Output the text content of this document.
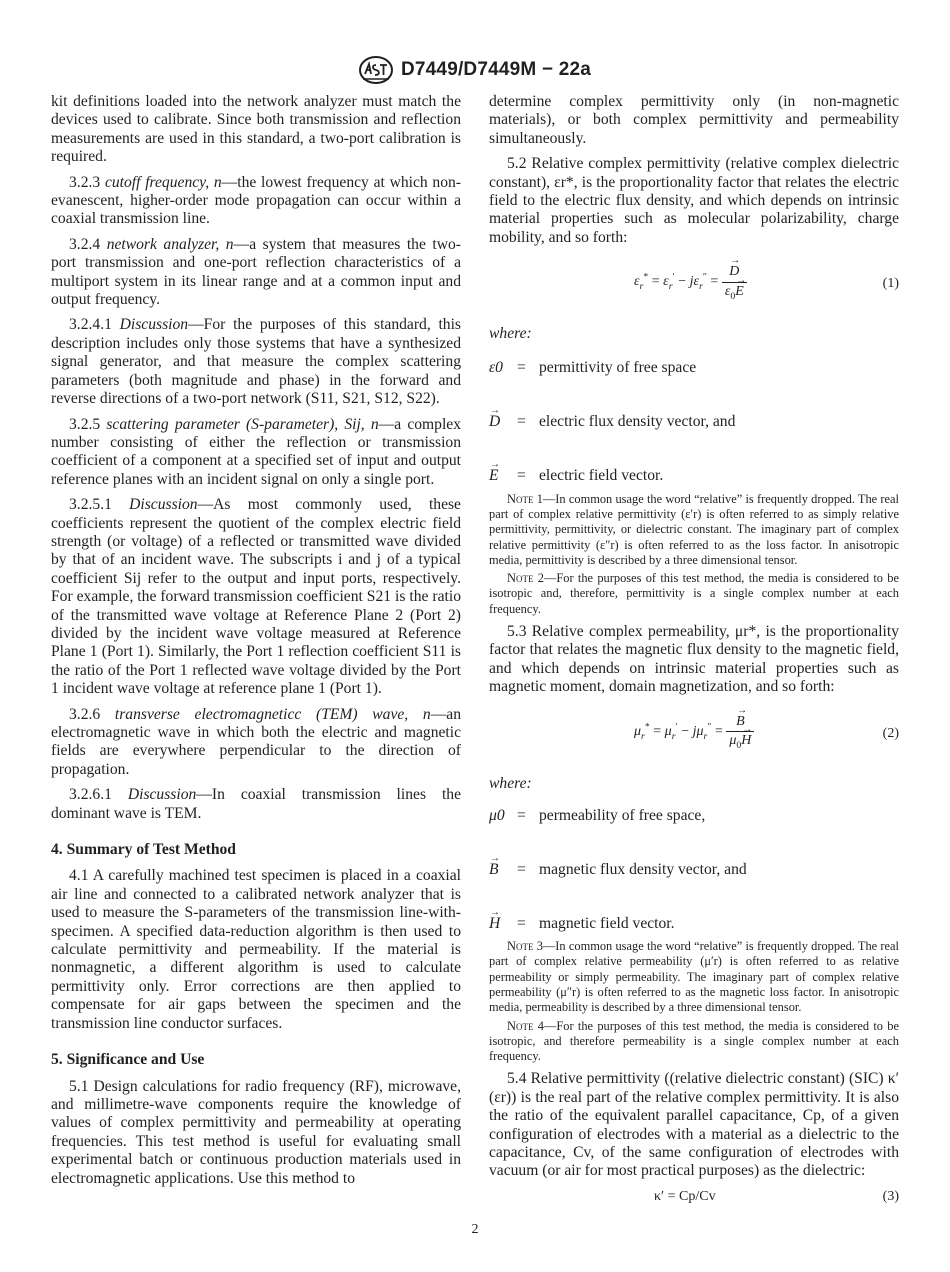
D7449/D7449M − 22a

kit definitions loaded into the network analyzer must match the devices used to calibrate. Since both transmission and reflection measurements are used in this standard, a two-port calibration is required.

3.2.3 cutoff frequency, n—the lowest frequency at which non-evanescent, higher-order mode propagation can occur within a coaxial transmission line.

3.2.4 network analyzer, n—a system that measures the two-port transmission and one-port reflection characteristics of a multiport system in its linear range and at a common input and output frequency.

3.2.4.1 Discussion—For the purposes of this standard, this description includes only those systems that have a synthesized signal generator, and that measure the complex scattering parameters (both magnitude and phase) in the forward and reverse directions of a two-port network (S11, S21, S12, S22).

3.2.5 scattering parameter (S-parameter), Sij, n—a complex number consisting of either the reflection or transmission coefficient of a component at a specified set of input and output reference planes with an incident signal on only a single port.

3.2.5.1 Discussion—As most commonly used, these coefficients represent the quotient of the complex electric field strength (or voltage) of a reflected or transmitted wave divided by that of an incident wave. The subscripts i and j of a typical coefficient Sij refer to the output and input ports, respectively. For example, the forward transmission coefficient S21 is the ratio of the transmitted wave voltage at Reference Plane 2 (Port 2) divided by the incident wave voltage measured at Reference Plane 1 (Port 1). Similarly, the Port 1 reflection coefficient S11 is the ratio of the Port 1 reflected wave voltage divided by the Port 1 incident wave voltage at reference plane 1 (Port 1).

3.2.6 transverse electromagneticc (TEM) wave, n—an electromagnetic wave in which both the electric and magnetic fields are everywhere perpendicular to the direction of propagation.

3.2.6.1 Discussion—In coaxial transmission lines the dominant wave is TEM.

4. Summary of Test Method

4.1 A carefully machined test specimen is placed in a coaxial air line and connected to a calibrated network analyzer that is used to measure the S-parameters of the transmission line-with-specimen. A specified data-reduction algorithm is then used to calculate permittivity and permeability. If the material is nonmagnetic, a different algorithm is used to calculate permittivity only. Error corrections are then applied to compensate for air gaps between the specimen and the transmission line conductor surfaces.

5. Significance and Use

5.1 Design calculations for radio frequency (RF), microwave, and millimetre-wave components require the knowledge of values of complex permittivity and permeability at operating frequencies. This test method is useful for evaluating small experimental batch or continuous production materials used in electromagnetic applications. Use this method to

determine complex permittivity only (in non-magnetic materials), or both complex permittivity and permeability simultaneously.

5.2 Relative complex permittivity (relative complex dielectric constant), εr*, is the proportionality factor that relates the electric field to the electric flux density, and which depends on intrinsic material properties such as molecular polarizability, charge mobility, and so forth:

$\varepsilon_r^* = \varepsilon_r' - j\varepsilon_r''$ = → $\frac{D}{\varepsilon_0\to E}$	(1)
where:
ε0 = permittivity of free space
→ D	= electric flux density vector, and
→ E	= electric field vector.

Note 1—In common usage the word “relative” is frequently dropped. The real part of complex relative permittivity (ε′r) is often referred to as simply relative permittivity, permittivity, or dielectric constant. The imaginary part of complex relative permittivity (ε″r) is often referred to as the loss factor. In anisotropic media, permittivity is described by a three dimensional tensor.

Note 2—For the purposes of this test method, the media is considered to be isotropic and, therefore, permittivity is a single complex number at each frequency.

5.3 Relative complex permeability, μr*, is the proportionality factor that relates the magnetic flux density to the magnetic field, and which depends on intrinsic material properties such as magnetic moment, domain magnetization, and so forth:

$\mu_r^* = \mu_r' - j\mu_r''$ = → $\frac{B}{\mu_0\to H}$	(2)
where:
μ0 = permeability of free space,
→ B	= magnetic flux density vector, and
→ H	= magnetic field vector.

Note 3—In common usage the word “relative” is frequently dropped. The real part of complex relative permeability (μ′r) is often referred to as relative permeability or simply permeability. The imaginary part of complex relative permeability (μ″r) is often referred to as the magnetic loss factor. In anisotropic media, permeability is described by a three dimensional tensor.

Note 4—For the purposes of this test method, the media is considered to be isotropic, and therefore permeability is a single complex number at each frequency.

5.4 Relative permittivity ((relative dielectric constant) (SIC) κ′(εr)) is the real part of the relative complex permittivity. It is also the ratio of the equivalent parallel capacitance, Cp, of a given configuration of electrodes with a material as a dielectric to the capacitance, Cv, of the same configuration of electrodes with vacuum (or air for most practical purposes) as the dielectric:

κ′ = Cp/Cv	(3)
2
